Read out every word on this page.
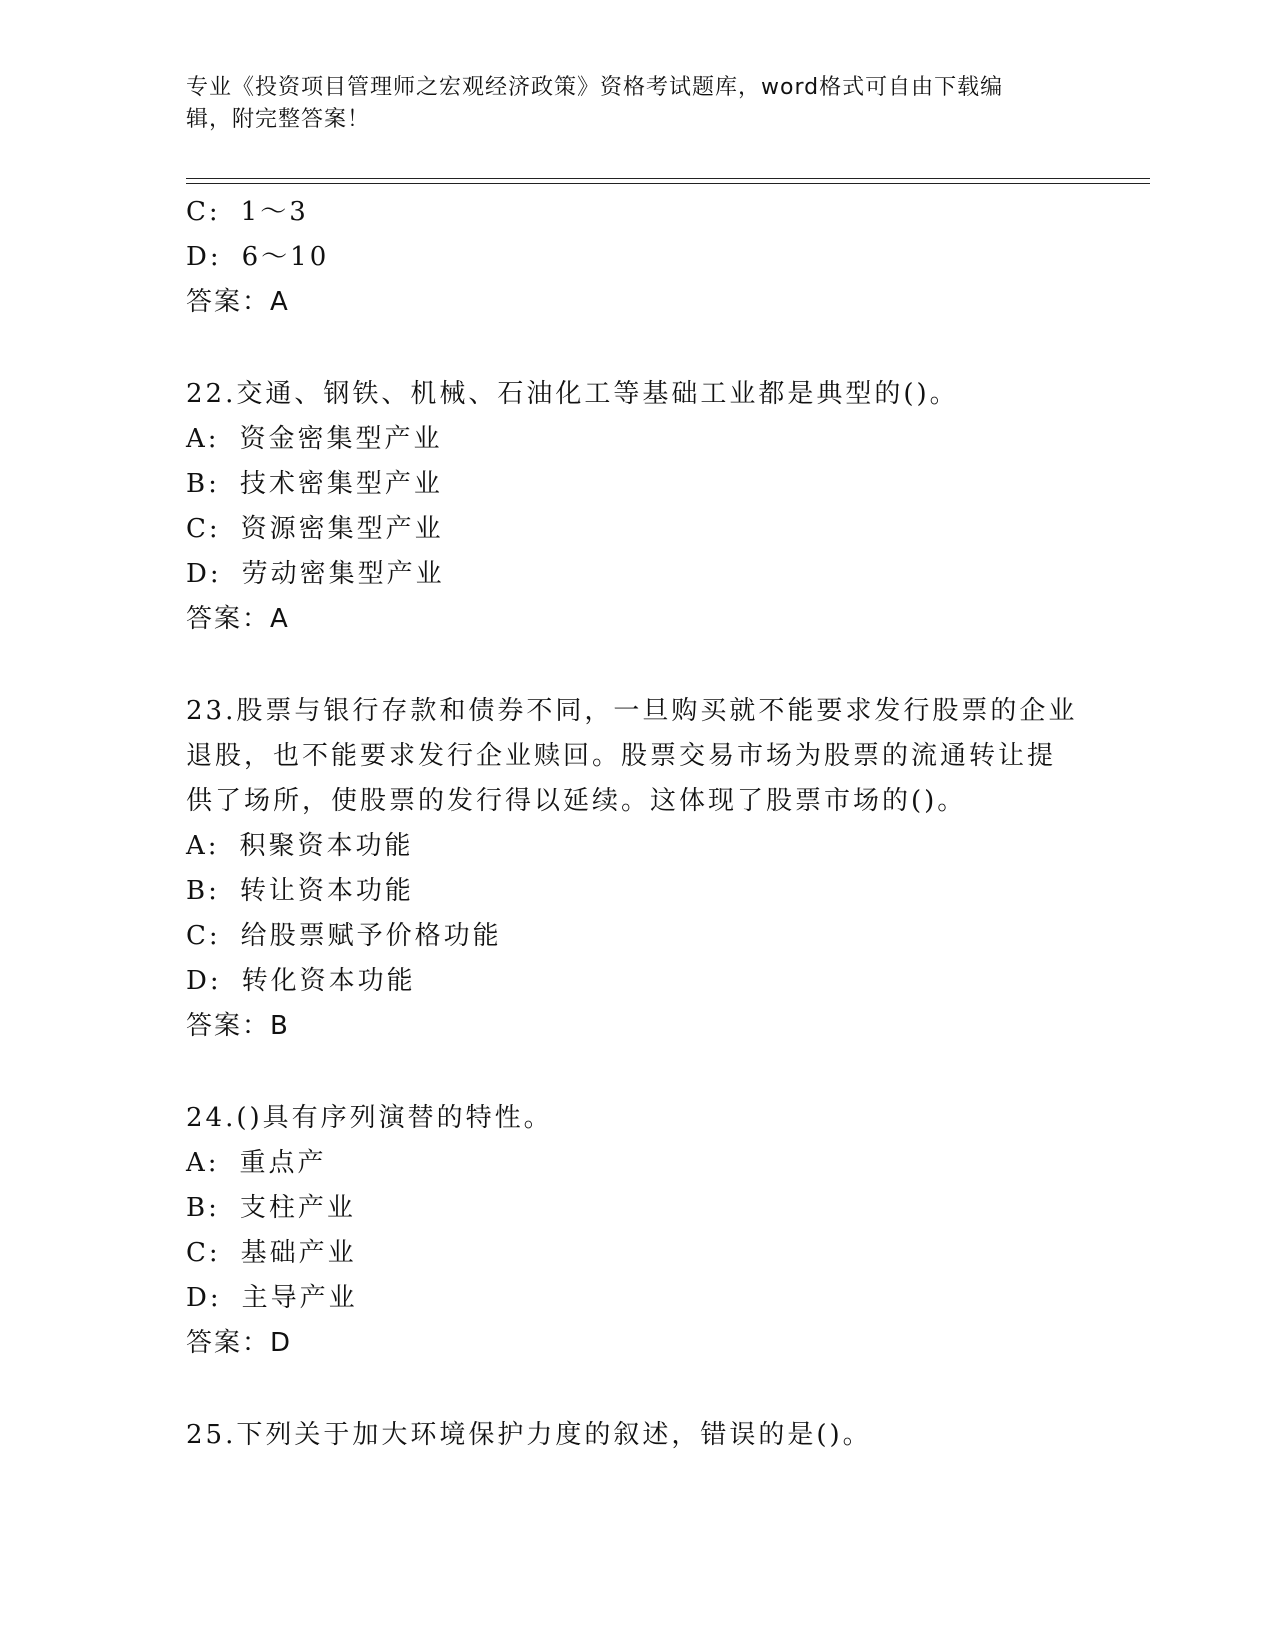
专业《投资项目管理师之宏观经济政策》资格考试题库，word格式可自由下载编
辑，附完整答案！
C: 1～3
D: 6～10
答案：A
22.交通、钢铁、机械、石油化工等基础工业都是典型的()。
A: 资金密集型产业
B: 技术密集型产业
C: 资源密集型产业
D: 劳动密集型产业
答案：A
23.股票与银行存款和债券不同，一旦购买就不能要求发行股票的企业
退股，也不能要求发行企业赎回。股票交易市场为股票的流通转让提
供了场所，使股票的发行得以延续。这体现了股票市场的()。
A: 积聚资本功能
B: 转让资本功能
C: 给股票赋予价格功能
D: 转化资本功能
答案：B
24.()具有序列演替的特性。
A: 重点产
B: 支柱产业
C: 基础产业
D: 主导产业
答案：D
25.下列关于加大环境保护力度的叙述，错误的是()。
